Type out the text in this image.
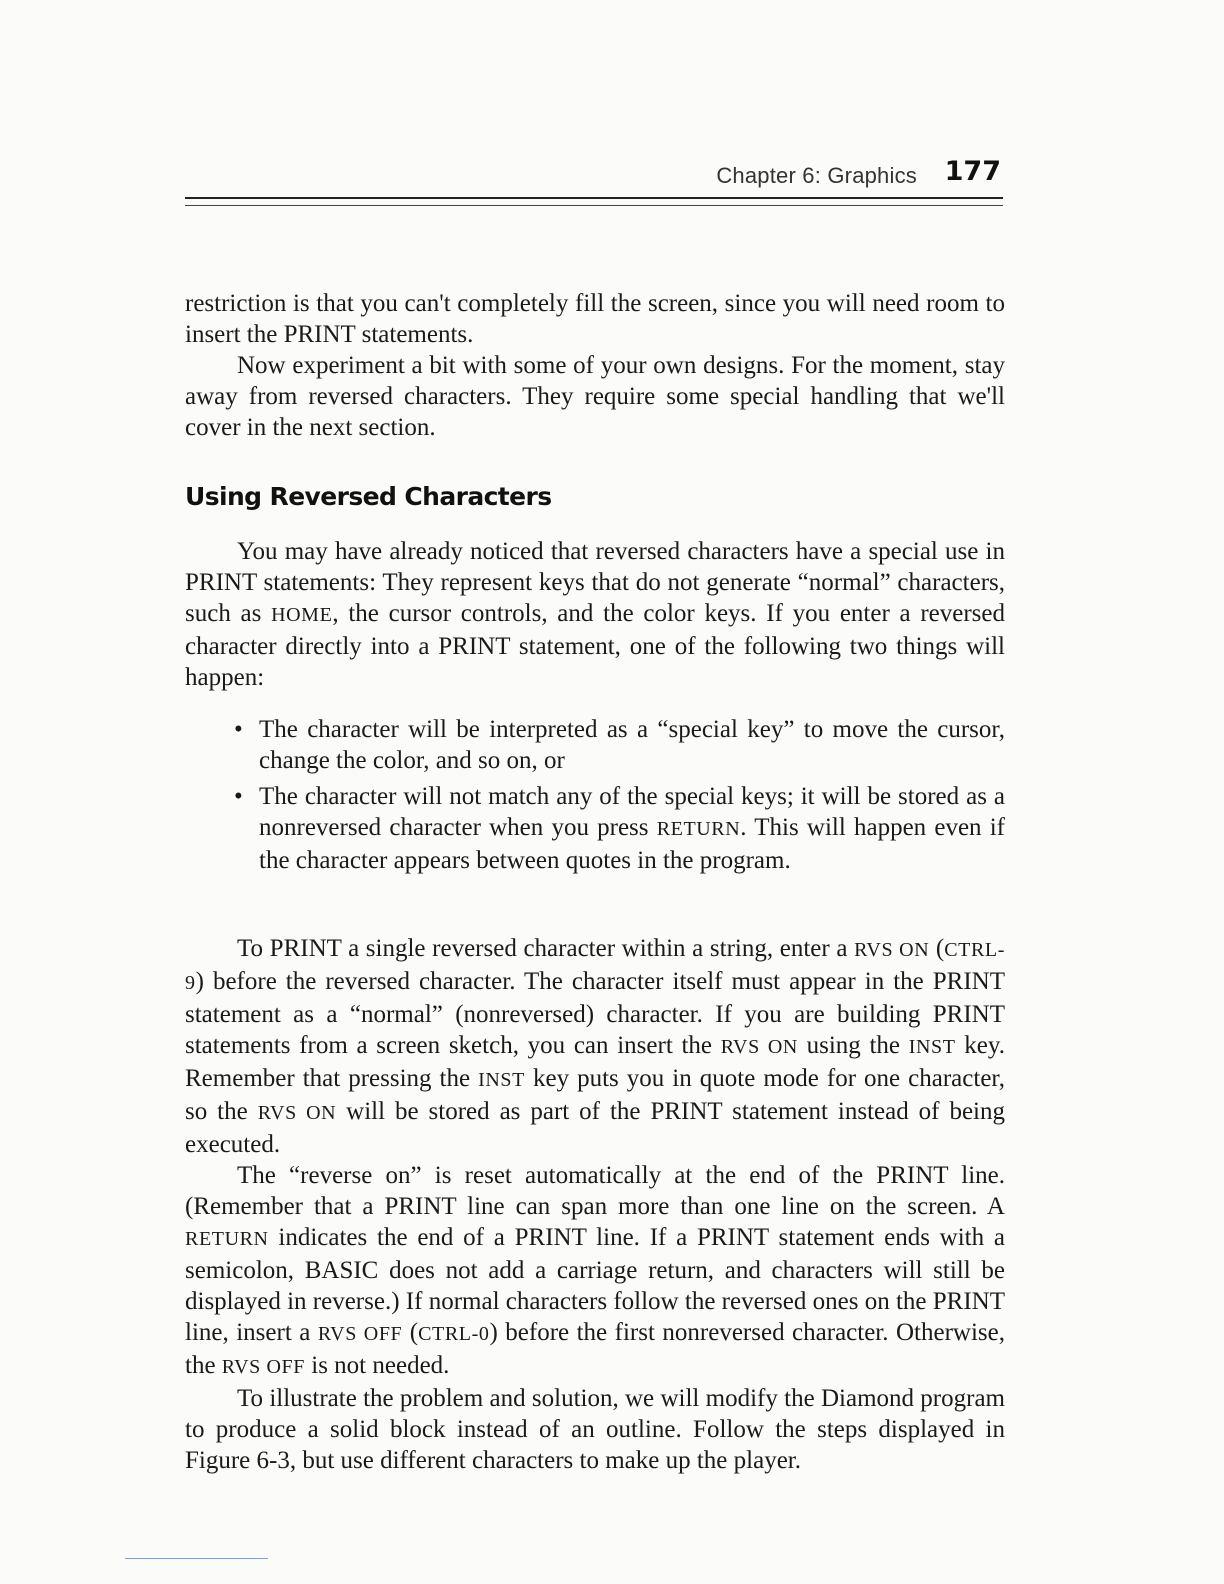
Chapter 6: Graphics 177

restriction is that you can't completely fill the screen, since you will need room to insert the PRINT statements.

Now experiment a bit with some of your own designs. For the moment, stay away from reversed characters. They require some special handling that we'll cover in the next section.

Using Reversed Characters

You may have already noticed that reversed characters have a special use in PRINT statements: They represent keys that do not generate “normal” characters, such as HOME, the cursor controls, and the color keys. If you enter a reversed character directly into a PRINT statement, one of the following two things will happen:

• The character will be interpreted as a “special key” to move the cursor, change the color, and so on, or
• The character will not match any of the special keys; it will be stored as a nonreversed character when you press RETURN. This will happen even if the character appears between quotes in the program.

To PRINT a single reversed character within a string, enter a RVS ON (CTRL-9) before the reversed character. The character itself must appear in the PRINT statement as a “normal” (nonreversed) character. If you are building PRINT statements from a screen sketch, you can insert the RVS ON using the INST key. Remember that pressing the INST key puts you in quote mode for one character, so the RVS ON will be stored as part of the PRINT statement instead of being executed.

The “reverse on” is reset automatically at the end of the PRINT line. (Remember that a PRINT line can span more than one line on the screen. A RETURN indicates the end of a PRINT line. If a PRINT statement ends with a semicolon, BASIC does not add a carriage return, and characters will still be displayed in reverse.) If normal characters follow the reversed ones on the PRINT line, insert a RVS OFF (CTRL-0) before the first nonreversed character. Otherwise, the RVS OFF is not needed.

To illustrate the problem and solution, we will modify the Diamond program to produce a solid block instead of an outline. Follow the steps displayed in Figure 6-3, but use different characters to make up the player.
